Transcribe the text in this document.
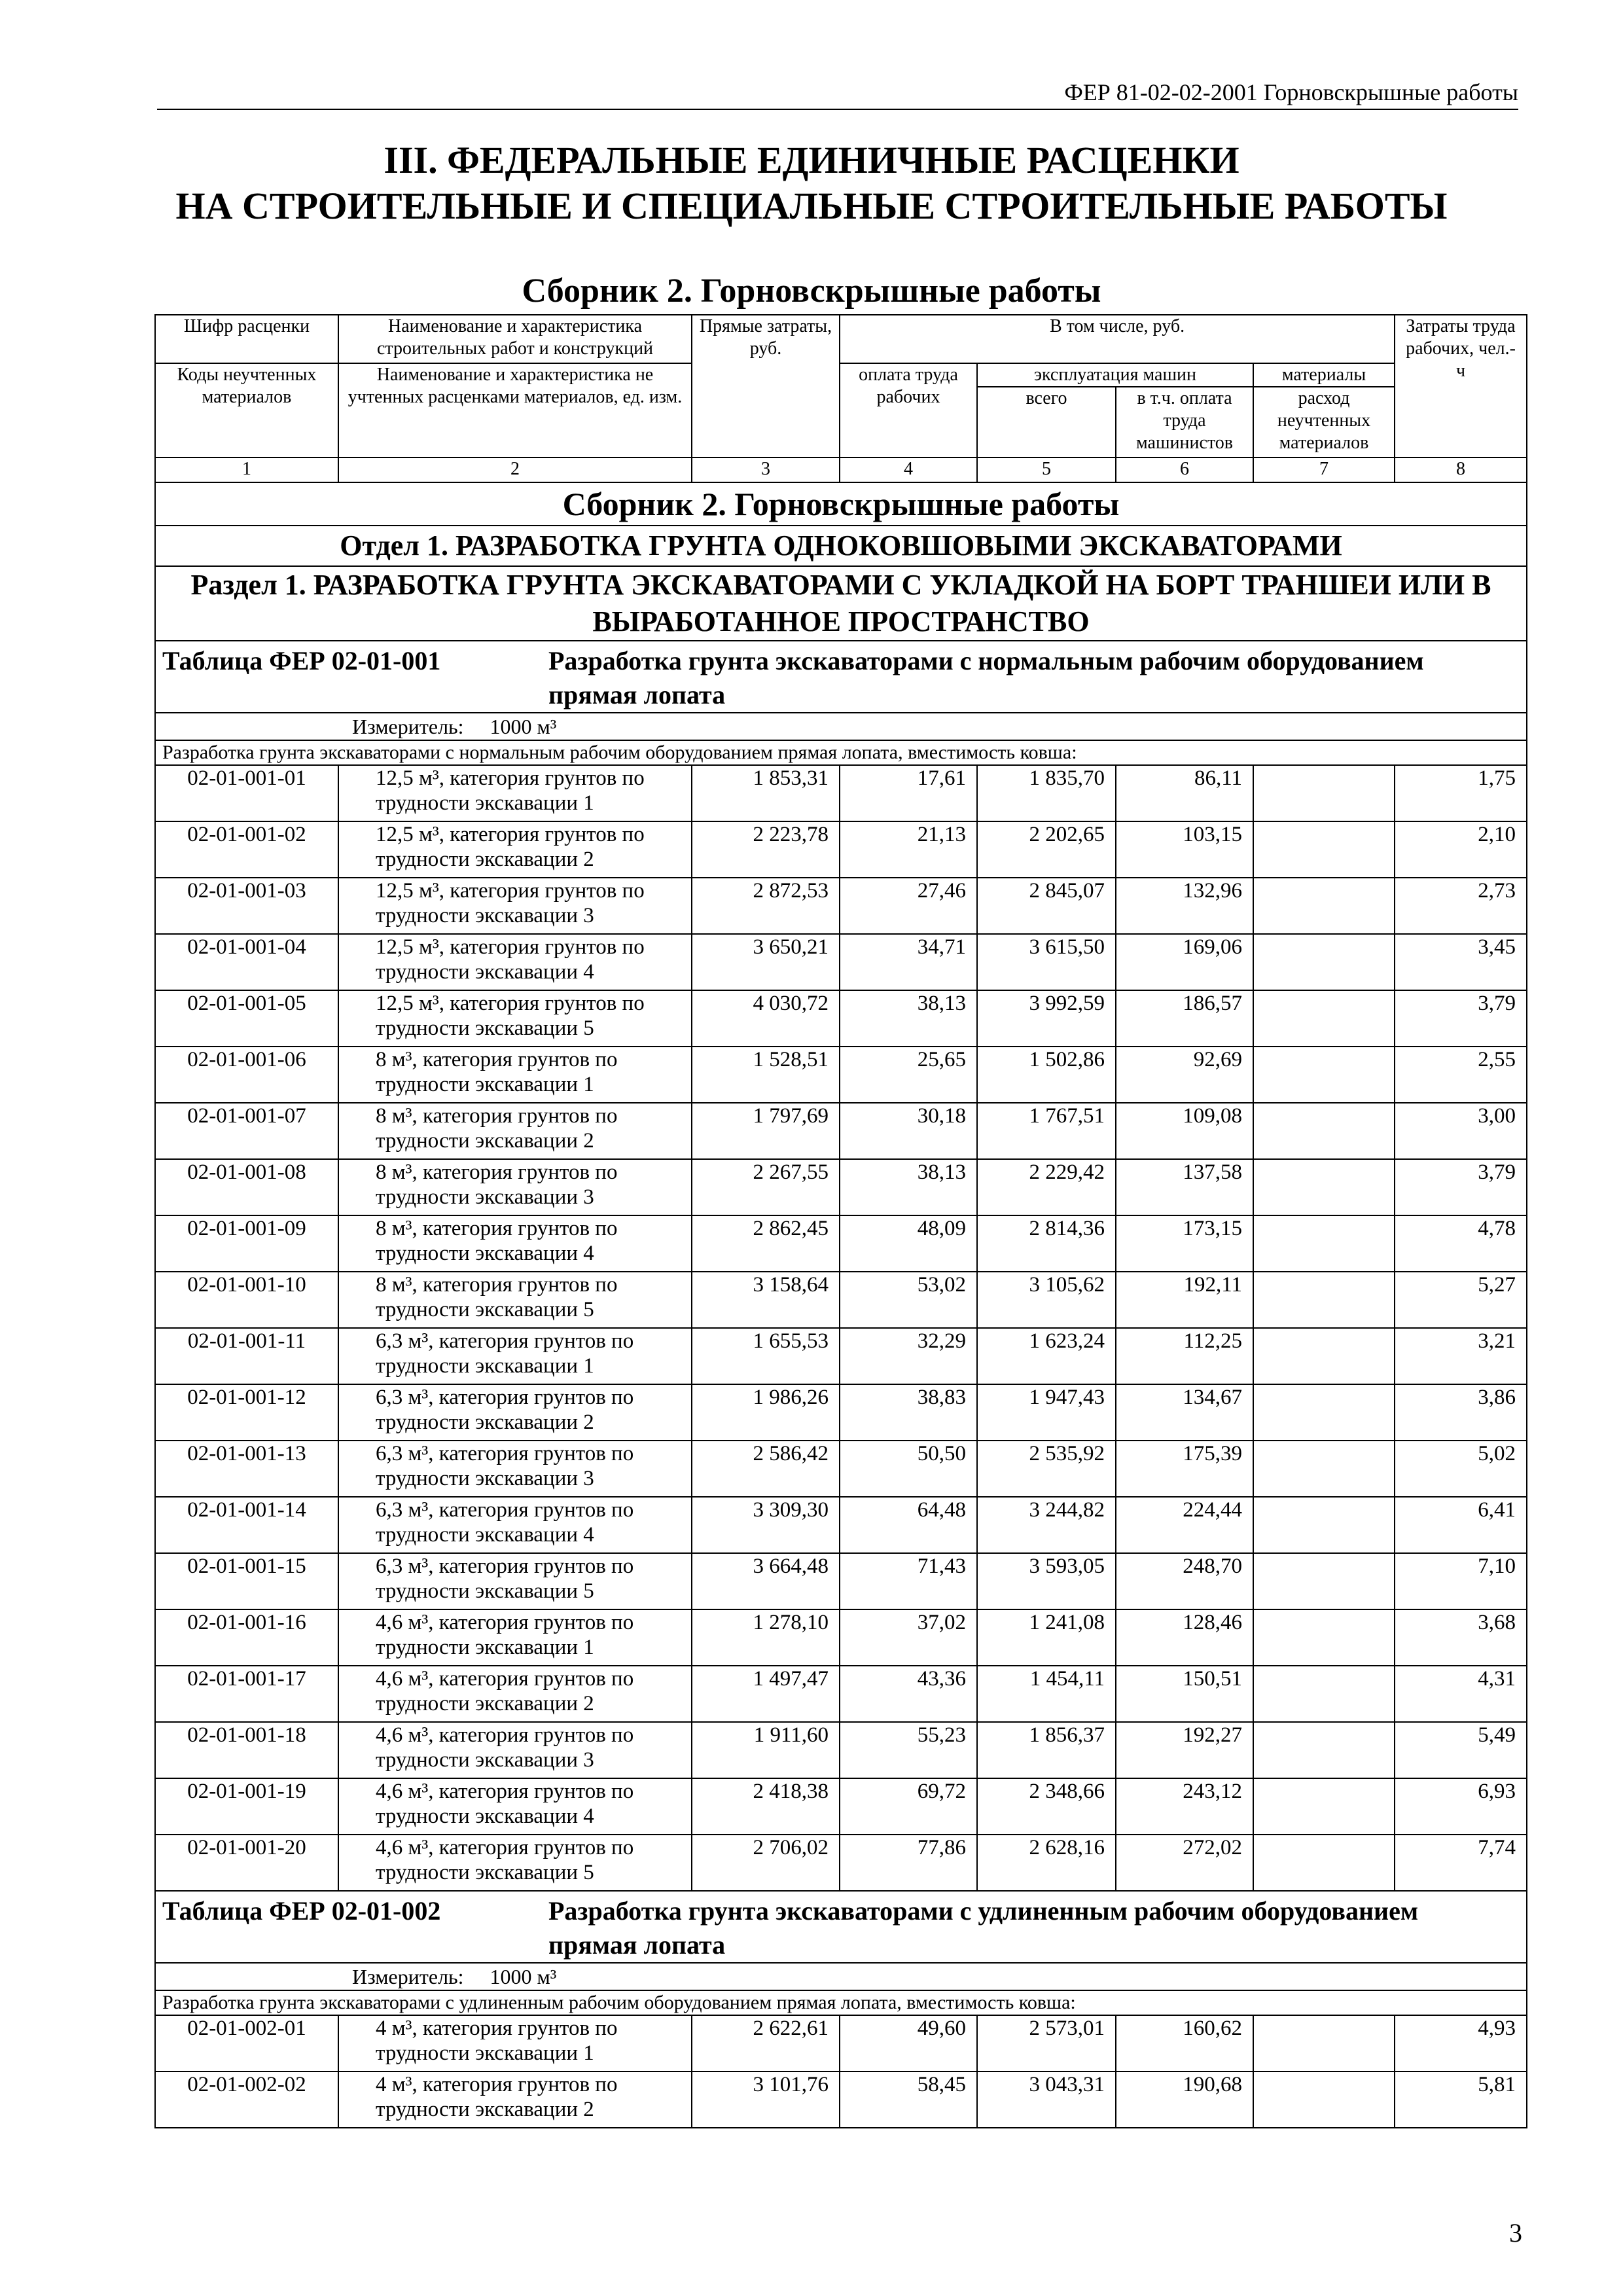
ФЕР 81-02-02-2001 Горновскрышные работы
III. ФЕДЕРАЛЬНЫЕ ЕДИНИЧНЫЕ РАСЦЕНКИ
НА СТРОИТЕЛЬНЫЕ И СПЕЦИАЛЬНЫЕ СТРОИТЕЛЬНЫЕ РАБОТЫ
Сборник 2. Горновскрышные работы
Шифр расценки	Наименование и характеристика строительных работ и конструкций	Прямые затраты, руб.	В том числе, руб.				Затраты труда рабочих, чел.-ч
Коды неучтенных материалов	Наименование и характеристика не учтенных расценками материалов, ед. изм.		оплата труда рабочих	эксплуатация машин		материалы	
				всего	в т.ч. оплата труда машинистов	расход неучтенных материалов	
1	2	3	4	5	6	7	8
Сборник 2. Горновскрышные работы							
Отдел 1. РАЗРАБОТКА ГРУНТА ОДНОКОВШОВЫМИ ЭКСКАВАТОРАМИ							
Раздел 1. РАЗРАБОТКА ГРУНТА ЭКСКАВАТОРАМИ С УКЛАДКОЙ НА БОРТ ТРАНШЕИ ИЛИ В ВЫРАБОТАННОЕ ПРОСТРАНСТВО							
Таблица ФЕР 02-01-001 Разработка грунта экскаваторами с нормальным рабочим оборудованием прямая лопата							
Измеритель: 1000 м³							
Разработка грунта экскаваторами с нормальным рабочим оборудованием прямая лопата, вместимость ковша:							
02-01-001-01	12,5 м³, категория грунтов по трудности экскавации 1	1 853,31	17,61	1 835,70	86,11		1,75
02-01-001-02	12,5 м³, категория грунтов по трудности экскавации 2	2 223,78	21,13	2 202,65	103,15		2,10
02-01-001-03	12,5 м³, категория грунтов по трудности экскавации 3	2 872,53	27,46	2 845,07	132,96		2,73
02-01-001-04	12,5 м³, категория грунтов по трудности экскавации 4	3 650,21	34,71	3 615,50	169,06		3,45
02-01-001-05	12,5 м³, категория грунтов по трудности экскавации 5	4 030,72	38,13	3 992,59	186,57		3,79
02-01-001-06	8 м³, категория грунтов по трудности экскавации 1	1 528,51	25,65	1 502,86	92,69		2,55
02-01-001-07	8 м³, категория грунтов по трудности экскавации 2	1 797,69	30,18	1 767,51	109,08		3,00
02-01-001-08	8 м³, категория грунтов по трудности экскавации 3	2 267,55	38,13	2 229,42	137,58		3,79
02-01-001-09	8 м³, категория грунтов по трудности экскавации 4	2 862,45	48,09	2 814,36	173,15		4,78
02-01-001-10	8 м³, категория грунтов по трудности экскавации 5	3 158,64	53,02	3 105,62	192,11		5,27
02-01-001-11	6,3 м³, категория грунтов по трудности экскавации 1	1 655,53	32,29	1 623,24	112,25		3,21
02-01-001-12	6,3 м³, категория грунтов по трудности экскавации 2	1 986,26	38,83	1 947,43	134,67		3,86
02-01-001-13	6,3 м³, категория грунтов по трудности экскавации 3	2 586,42	50,50	2 535,92	175,39		5,02
02-01-001-14	6,3 м³, категория грунтов по трудности экскавации 4	3 309,30	64,48	3 244,82	224,44		6,41
02-01-001-15	6,3 м³, категория грунтов по трудности экскавации 5	3 664,48	71,43	3 593,05	248,70		7,10
02-01-001-16	4,6 м³, категория грунтов по трудности экскавации 1	1 278,10	37,02	1 241,08	128,46		3,68
02-01-001-17	4,6 м³, категория грунтов по трудности экскавации 2	1 497,47	43,36	1 454,11	150,51		4,31
02-01-001-18	4,6 м³, категория грунтов по трудности экскавации 3	1 911,60	55,23	1 856,37	192,27		5,49
02-01-001-19	4,6 м³, категория грунтов по трудности экскавации 4	2 418,38	69,72	2 348,66	243,12		6,93
02-01-001-20	4,6 м³, категория грунтов по трудности экскавации 5	2 706,02	77,86	2 628,16	272,02		7,74
Таблица ФЕР 02-01-002 Разработка грунта экскаваторами с удлиненным рабочим оборудованием прямая лопата							
Измеритель: 1000 м³							
Разработка грунта экскаваторами с удлиненным рабочим оборудованием прямая лопата, вместимость ковша:							
02-01-002-01	4 м³, категория грунтов по трудности экскавации 1	2 622,61	49,60	2 573,01	160,62		4,93
02-01-002-02	4 м³, категория грунтов по трудности экскавации 2	3 101,76	58,45	3 043,31	190,68		5,81
3
